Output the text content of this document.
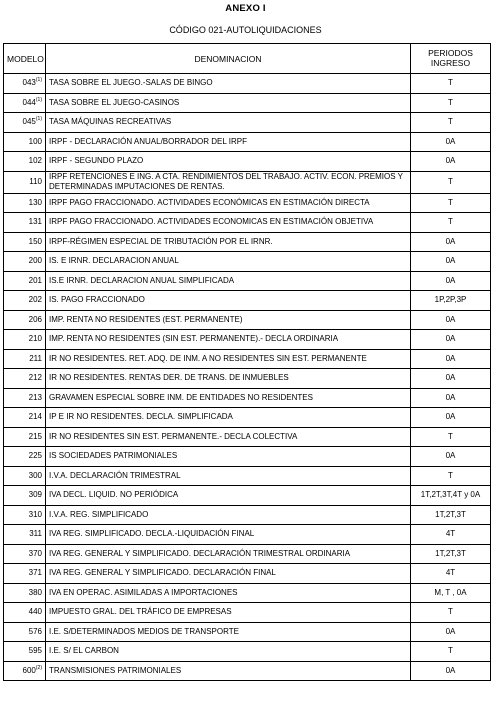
ANEXO I
CÓDIGO 021-AUTOLIQUIDACIONES
MODELO	DENOMINACION	PERIODOS INGRESO
043$^{(1)}$	TASA SOBRE EL JUEGO.-SALAS DE BINGO	T
044$^{(1)}$	TASA SOBRE EL JUEGO-CASINOS	T
045$^{(1)}$	TASA MÁQUINAS RECREATIVAS	T
100	IRPF - DECLARACIÓN ANUAL/BORRADOR DEL IRPF	0A
102	IRPF - SEGUNDO PLAZO	0A
110	IRPF RETENCIONES E ING. A CTA. RENDIMIENTOS DEL TRABAJO. ACTIV. ECON. PREMIOS Y DETERMINADAS IMPUTACIONES DE RENTAS.	T
130	IRPF PAGO FRACCIONADO. ACTIVIDADES ECONÓMICAS EN ESTIMACIÓN DIRECTA	T
131	IRPF PAGO FRACCIONADO. ACTIVIDADES ECONOMICAS EN ESTIMACIÓN OBJETIVA	T
150	IRPF-RÉGIMEN ESPECIAL DE TRIBUTACIÓN POR EL IRNR.	0A
200	IS. E IRNR. DECLARACION ANUAL	0A
201	IS.E IRNR. DECLARACION ANUAL SIMPLIFICADA	0A
202	IS. PAGO FRACCIONADO	1P,2P,3P
206	IMP. RENTA NO RESIDENTES (EST. PERMANENTE)	0A
210	IMP. RENTA NO RESIDENTES (SIN EST. PERMANENTE).- DECLA ORDINARIA	0A
211	IR NO RESIDENTES. RET. ADQ. DE INM. A NO RESIDENTES SIN EST. PERMANENTE	0A
212	IR NO RESIDENTES. RENTAS DER. DE TRANS. DE INMUEBLES	0A
213	GRAVAMEN ESPECIAL SOBRE INM. DE ENTIDADES NO RESIDENTES	0A
214	IP E IR NO RESIDENTES. DECLA. SIMPLIFICADA	0A
215	IR NO RESIDENTES SIN EST. PERMANENTE.- DECLA COLECTIVA	T
225	IS SOCIEDADES PATRIMONIALES	0A
300	I.V.A. DECLARACIÓN TRIMESTRAL	T
309	IVA DECL. LIQUID. NO PERIÓDICA	1T,2T,3T,4T y 0A
310	I.V.A. REG. SIMPLIFICADO	1T,2T,3T
311	IVA REG. SIMPLIFICADO. DECLA.-LIQUIDACIÓN FINAL	4T
370	IVA REG. GENERAL Y SIMPLIFICADO. DECLARACIÓN TRIMESTRAL ORDINARIA	1T,2T,3T
371	IVA REG. GENERAL Y SIMPLIFICADO. DECLARACIÓN FINAL	4T
380	IVA EN OPERAC. ASIMILADAS A IMPORTACIONES	M, T , 0A
440	IMPUESTO GRAL. DEL TRÁFICO DE EMPRESAS	T
576	I.E. S/DETERMINADOS MEDIOS DE TRANSPORTE	0A
595	I.E. S/ EL CARBON	T
600$^{(2)}$	TRANSMISIONES PATRIMONIALES	0A
